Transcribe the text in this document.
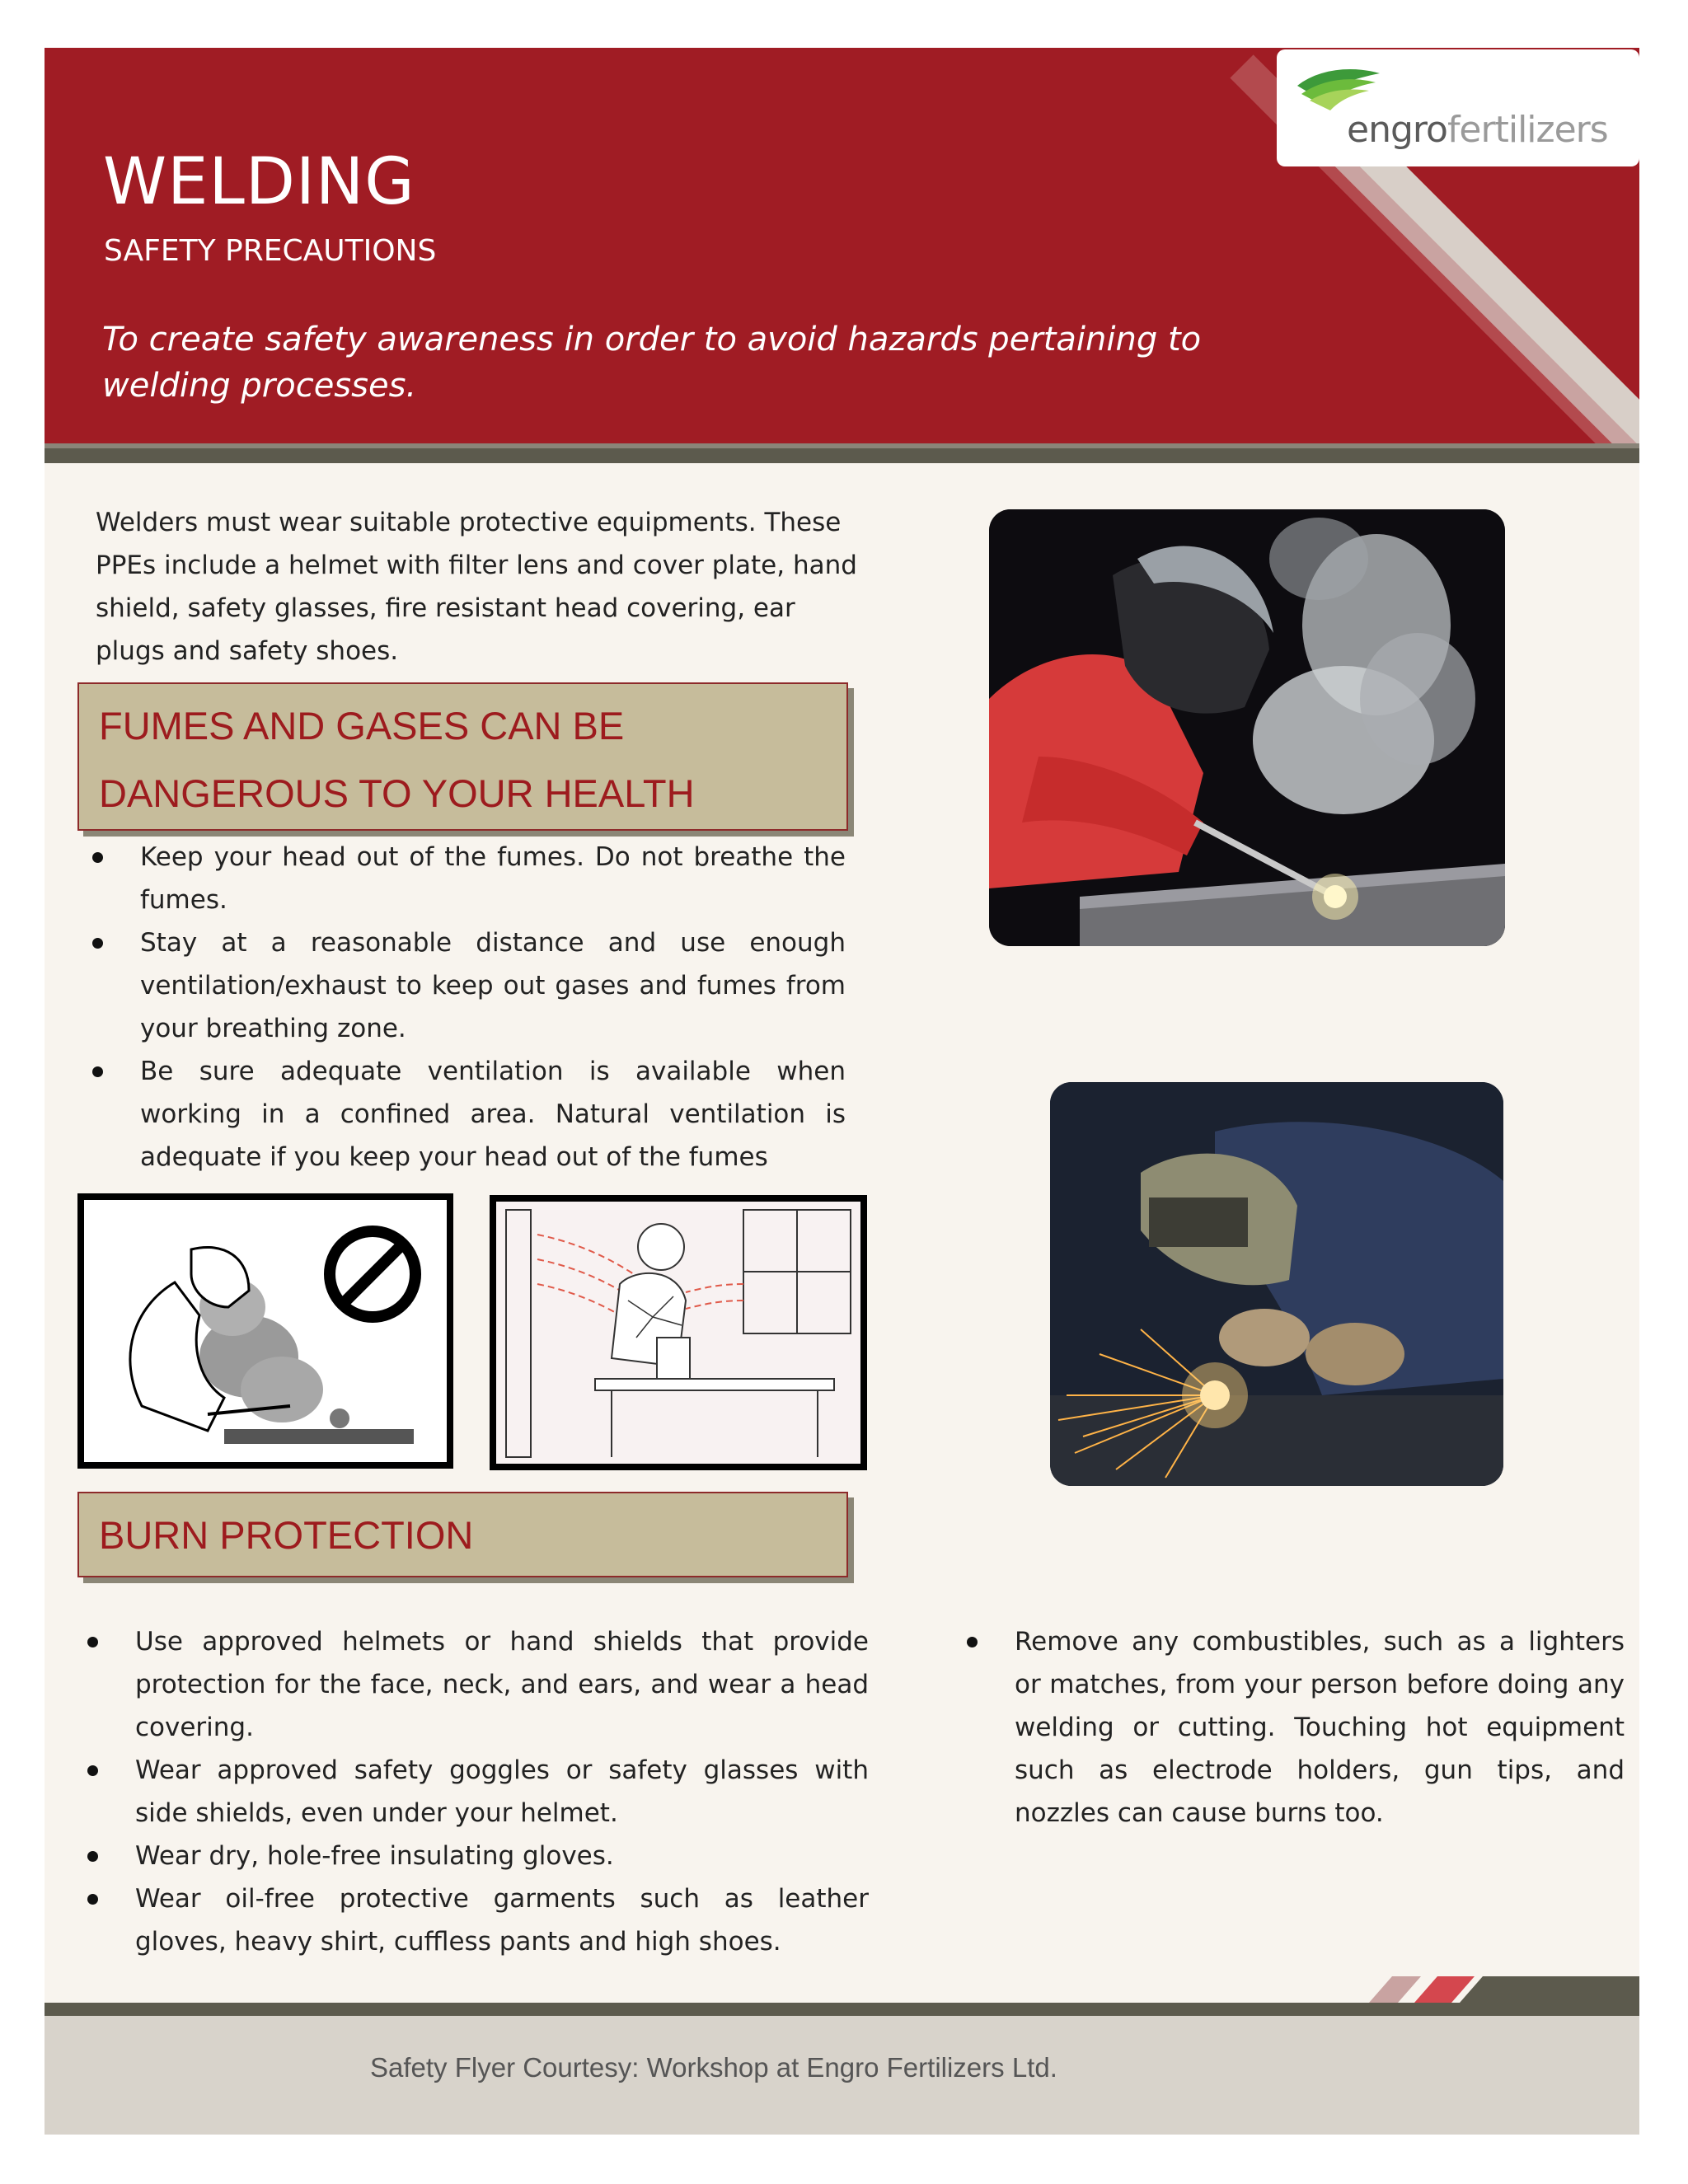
WELDING
SAFETY PRECAUTIONS
To create safety awareness in order to avoid hazards pertaining to welding processes.
engrofertilizers

Welders must wear suitable protective equipments. These PPEs include a helmet with filter lens and cover plate, hand shield, safety glasses, fire resistant head covering, ear plugs and safety shoes.

FUMES AND GASES CAN BE
DANGEROUS TO YOUR HEALTH
Keep your head out of the fumes. Do not breathe the fumes.
Stay at a reasonable distance and use enough ventilation/exhaust to keep out gases and fumes from your breathing zone.
Be sure adequate ventilation is available when working in a confined area. Natural ventilation is adequate if you keep your head out of the fumes
BURN PROTECTION
Use approved helmets or hand shields that provide protection for the face, neck, and ears, and wear a head covering.
Wear approved safety goggles or safety glasses with side shields, even under your helmet.
Wear dry, hole-free insulating gloves.
Wear oil-free protective garments such as leather gloves, heavy shirt, cuffless pants and high shoes.
Remove any combustibles, such as a lighters or matches, from your person before doing any welding or cutting. Touching hot equipment such as electrode holders, gun tips, and nozzles can cause burns too.
Safety Flyer Courtesy: Workshop at Engro Fertilizers Ltd.
